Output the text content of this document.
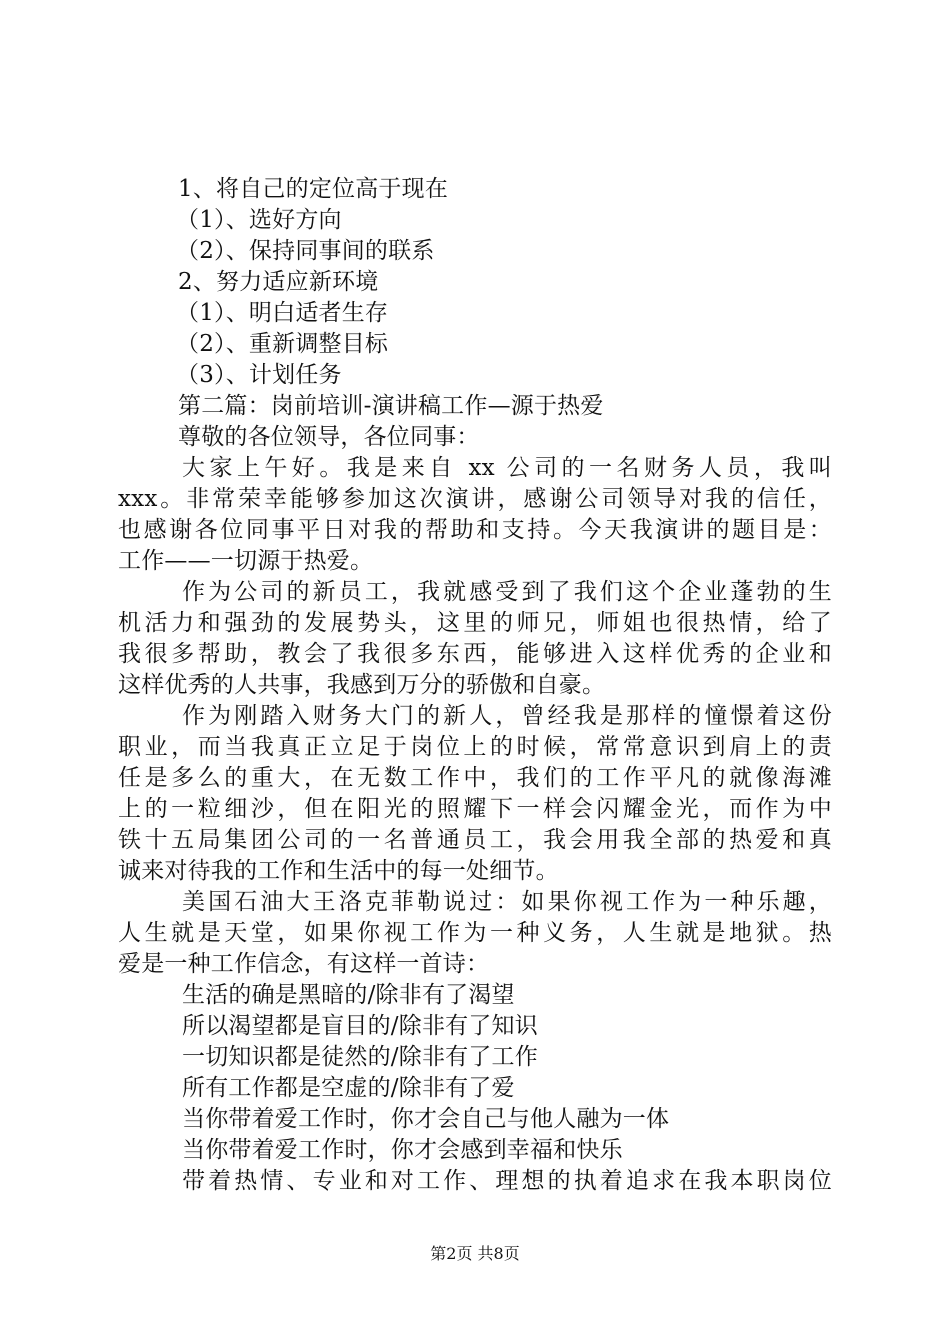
1、将自己的定位高于现在
（1）、选好方向
（2）、保持同事间的联系
2、努力适应新环境
（1）、明白适者生存
（2）、重新调整目标
（3）、计划任务
第二篇：岗前培训-演讲稿工作—源于热爱
尊敬的各位领导，各位同事：
大家上午好。我是来自 xx 公司的一名财务人员，我叫
xxx。非常荣幸能够参加这次演讲，感谢公司领导对我的信任，
也感谢各位同事平日对我的帮助和支持。今天我演讲的题目是：
工作——一切源于热爱。
作为公司的新员工，我就感受到了我们这个企业蓬勃的生
机活力和强劲的发展势头，这里的师兄，师姐也很热情，给了
我很多帮助，教会了我很多东西，能够进入这样优秀的企业和
这样优秀的人共事，我感到万分的骄傲和自豪。
作为刚踏入财务大门的新人，曾经我是那样的憧憬着这份
职业，而当我真正立足于岗位上的时候，常常意识到肩上的责
任是多么的重大，在无数工作中，我们的工作平凡的就像海滩
上的一粒细沙，但在阳光的照耀下一样会闪耀金光，而作为中
铁十五局集团公司的一名普通员工，我会用我全部的热爱和真
诚来对待我的工作和生活中的每一处细节。
美国石油大王洛克菲勒说过：如果你视工作为一种乐趣，
人生就是天堂，如果你视工作为一种义务，人生就是地狱。热
爱是一种工作信念，有这样一首诗：
生活的确是黑暗的/除非有了渴望
所以渴望都是盲目的/除非有了知识
一切知识都是徒然的/除非有了工作
所有工作都是空虚的/除非有了爱
当你带着爱工作时，你才会自己与他人融为一体
当你带着爱工作时，你才会感到幸福和快乐
带着热情、专业和对工作、理想的执着追求在我本职岗位
第2页 共8页
